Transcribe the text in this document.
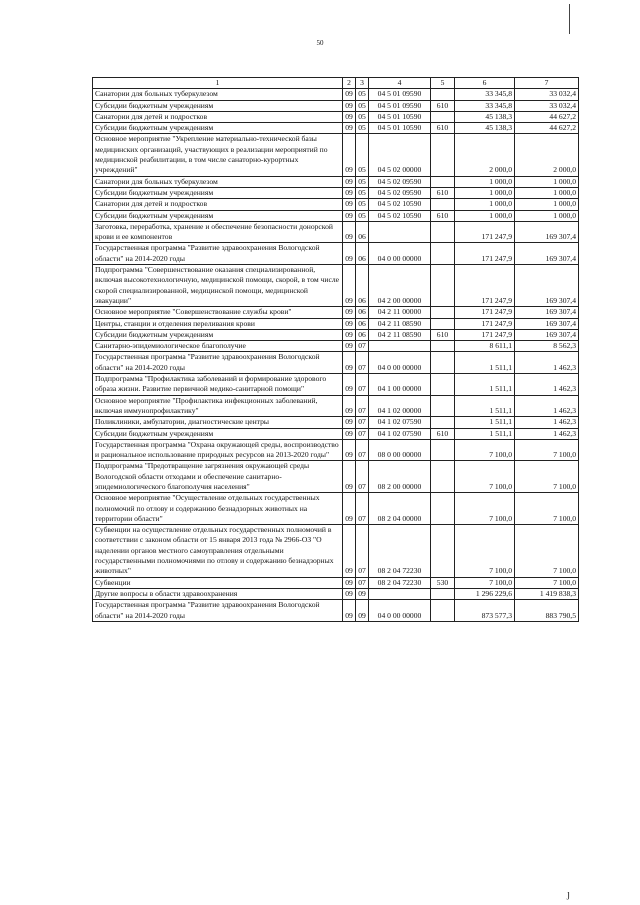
50
1	2	3	4	5	6	7
Санатории для больных туберкулезом	09	05	04 5 01 09590		33 345,8	33 032,4
Субсидии бюджетным учреждениям	09	05	04 5 01 09590	610	33 345,8	33 032,4
Санатории для детей и подростков	09	05	04 5 01 10590		45 138,3	44 627,2
Субсидии бюджетным учреждениям	09	05	04 5 01 10590	610	45 138,3	44 627,2
Основное мероприятие "Укрепление материально-технической базы медицинских организаций, участвующих в реализации мероприятий по медицинской реабилитации, в том числе санаторно-курортных учреждений"	09	05	04 5 02 00000		2 000,0	2 000,0
Санатории для больных туберкулезом	09	05	04 5 02 09590		1 000,0	1 000,0
Субсидии бюджетным учреждениям	09	05	04 5 02 09590	610	1 000,0	1 000,0
Санатории для детей и подростков	09	05	04 5 02 10590		1 000,0	1 000,0
Субсидии бюджетным учреждениям	09	05	04 5 02 10590	610	1 000,0	1 000,0
Заготовка, переработка, хранение и обеспечение безопасности донорской крови и ее компонентов	09	06			171 247,9	169 307,4
Государственная программа "Развитие здравоохранения Вологодской области" на 2014-2020 годы	09	06	04 0 00 00000		171 247,9	169 307,4
Подпрограмма "Совершенствование оказания специализированной, включая высокотехнологичную, медицинской помощи, скорой, в том числе скорой специализированной, медицинской помощи, медицинской эвакуации"	09	06	04 2 00 00000		171 247,9	169 307,4
Основное мероприятие "Совершенствование службы крови"	09	06	04 2 11 00000		171 247,9	169 307,4
Центры, станции и отделения переливания крови	09	06	04 2 11 08590		171 247,9	169 307,4
Субсидии бюджетным учреждениям	09	06	04 2 11 08590	610	171 247,9	169 307,4
Санитарно-эпидемиологическое благополучие	09	07			8 611,1	8 562,3
Государственная программа "Развитие здравоохранения Вологодской области" на 2014-2020 годы	09	07	04 0 00 00000		1 511,1	1 462,3
Подпрограмма "Профилактика заболеваний и формирование здорового образа жизни. Развитие первичной медико-санитарной помощи"	09	07	04 1 00 00000		1 511,1	1 462,3
Основное мероприятие "Профилактика инфекционных заболеваний, включая иммунопрофилактику"	09	07	04 1 02 00000		1 511,1	1 462,3
Поликлиники, амбулатории, диагностические центры	09	07	04 1 02 07590		1 511,1	1 462,3
Субсидии бюджетным учреждениям	09	07	04 1 02 07590	610	1 511,1	1 462,3
Государственная программа "Охрана окружающей среды, воспроизводство и рациональное использование природных ресурсов на 2013-2020 годы"	09	07	08 0 00 00000		7 100,0	7 100,0
Подпрограмма "Предотвращение загрязнения окружающей среды Вологодской области отходами и обеспечение санитарно-эпидемиологического благополучия населения"	09	07	08 2 00 00000		7 100,0	7 100,0
Основное мероприятие "Осуществление отдельных государственных полномочий по отлову и содержанию безнадзорных животных на территории области"	09	07	08 2 04 00000		7 100,0	7 100,0
Субвенции на осуществление отдельных государственных полномочий в соответствии с законом области от 15 января 2013 года № 2966-ОЗ "О наделении органов местного самоуправления отдельными государственными полномочиями по отлову и содержанию безнадзорных животных"	09	07	08 2 04 72230		7 100,0	7 100,0
Субвенции	09	07	08 2 04 72230	530	7 100,0	7 100,0
Другие вопросы в области здравоохранения	09	09			1 296 229,6	1 419 838,3
Государственная программа "Развитие здравоохранения Вологодской области" на 2014-2020 годы	09	09	04 0 00 00000		873 577,3	883 790,5
ȷ
